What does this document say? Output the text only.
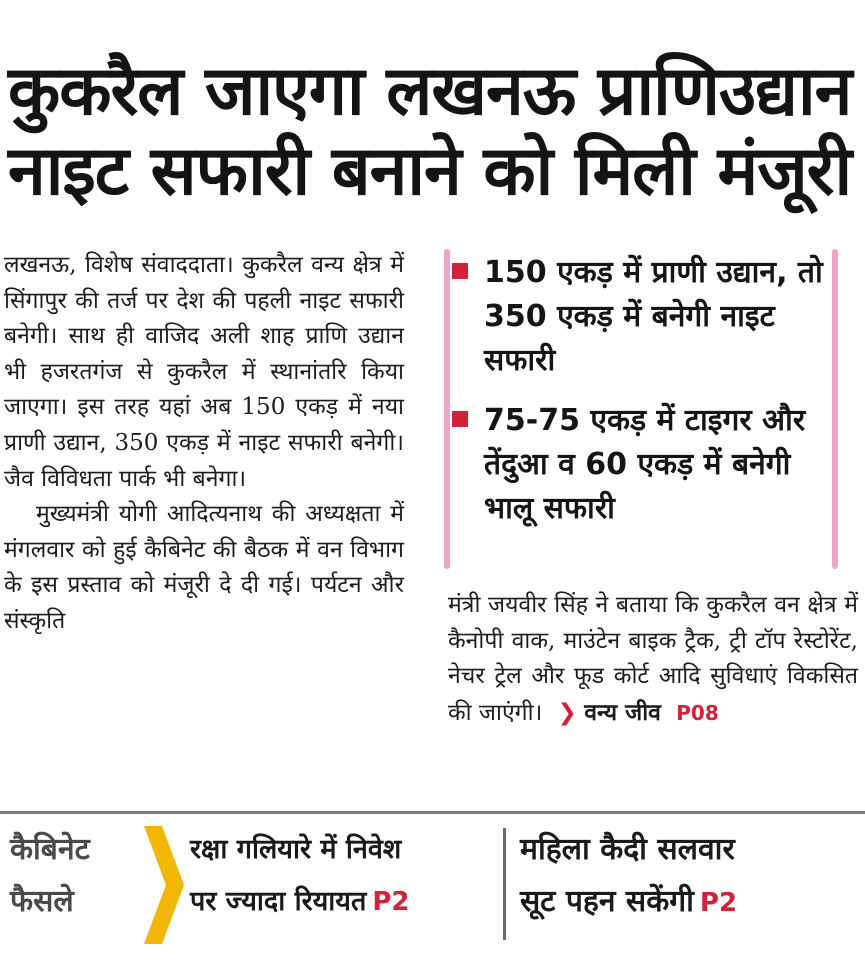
कुकरैल जाएगा लखनऊ प्राणिउद्यान
नाइट सफारी बनाने को मिली मंजूरी

लखनऊ, विशेष संवाददाता। कुकरैल वन्य क्षेत्र में सिंगापुर की तर्ज पर देश की पहली नाइट सफारी बनेगी। साथ ही वाजिद अली शाह प्राणि उद्यान भी हजरतगंज से कुकरैल में स्थानांतरि किया जाएगा। इस तरह यहां अब 150 एकड़ में नया प्राणी उद्यान, 350 एकड़ में नाइट सफारी बनेगी। जैव विविधता पार्क भी बनेगा।

मुख्यमंत्री योगी आदित्यनाथ की अध्यक्षता में मंगलवार को हुई कैबिनेट की बैठक में वन विभाग के इस प्रस्ताव को मंजूरी दे दी गई। पर्यटन और संस्कृति

150 एकड़ में प्राणी उद्यान, तो 350 एकड़ में बनेगी नाइट सफारी
75-75 एकड़ में टाइगर और तेंदुआ व 60 एकड़ में बनेगी भालू सफारी

मंत्री जयवीर सिंह ने बताया कि कुकरैल वन क्षेत्र में कैनोपी वाक, माउंटेन बाइक ट्रैक, ट्री टॉप रेस्टोरेंट, नेचर ट्रेल और फूड कोर्ट आदि सुविधाएं विकसित की जाएंगी। ❯ वन्य जीव P08

कैबिनेट
फैसले
रक्षा गलियारे में निवेश
पर ज्यादा रियायत P2
महिला कैदी सलवार
सूट पहन सकेंगी P2
